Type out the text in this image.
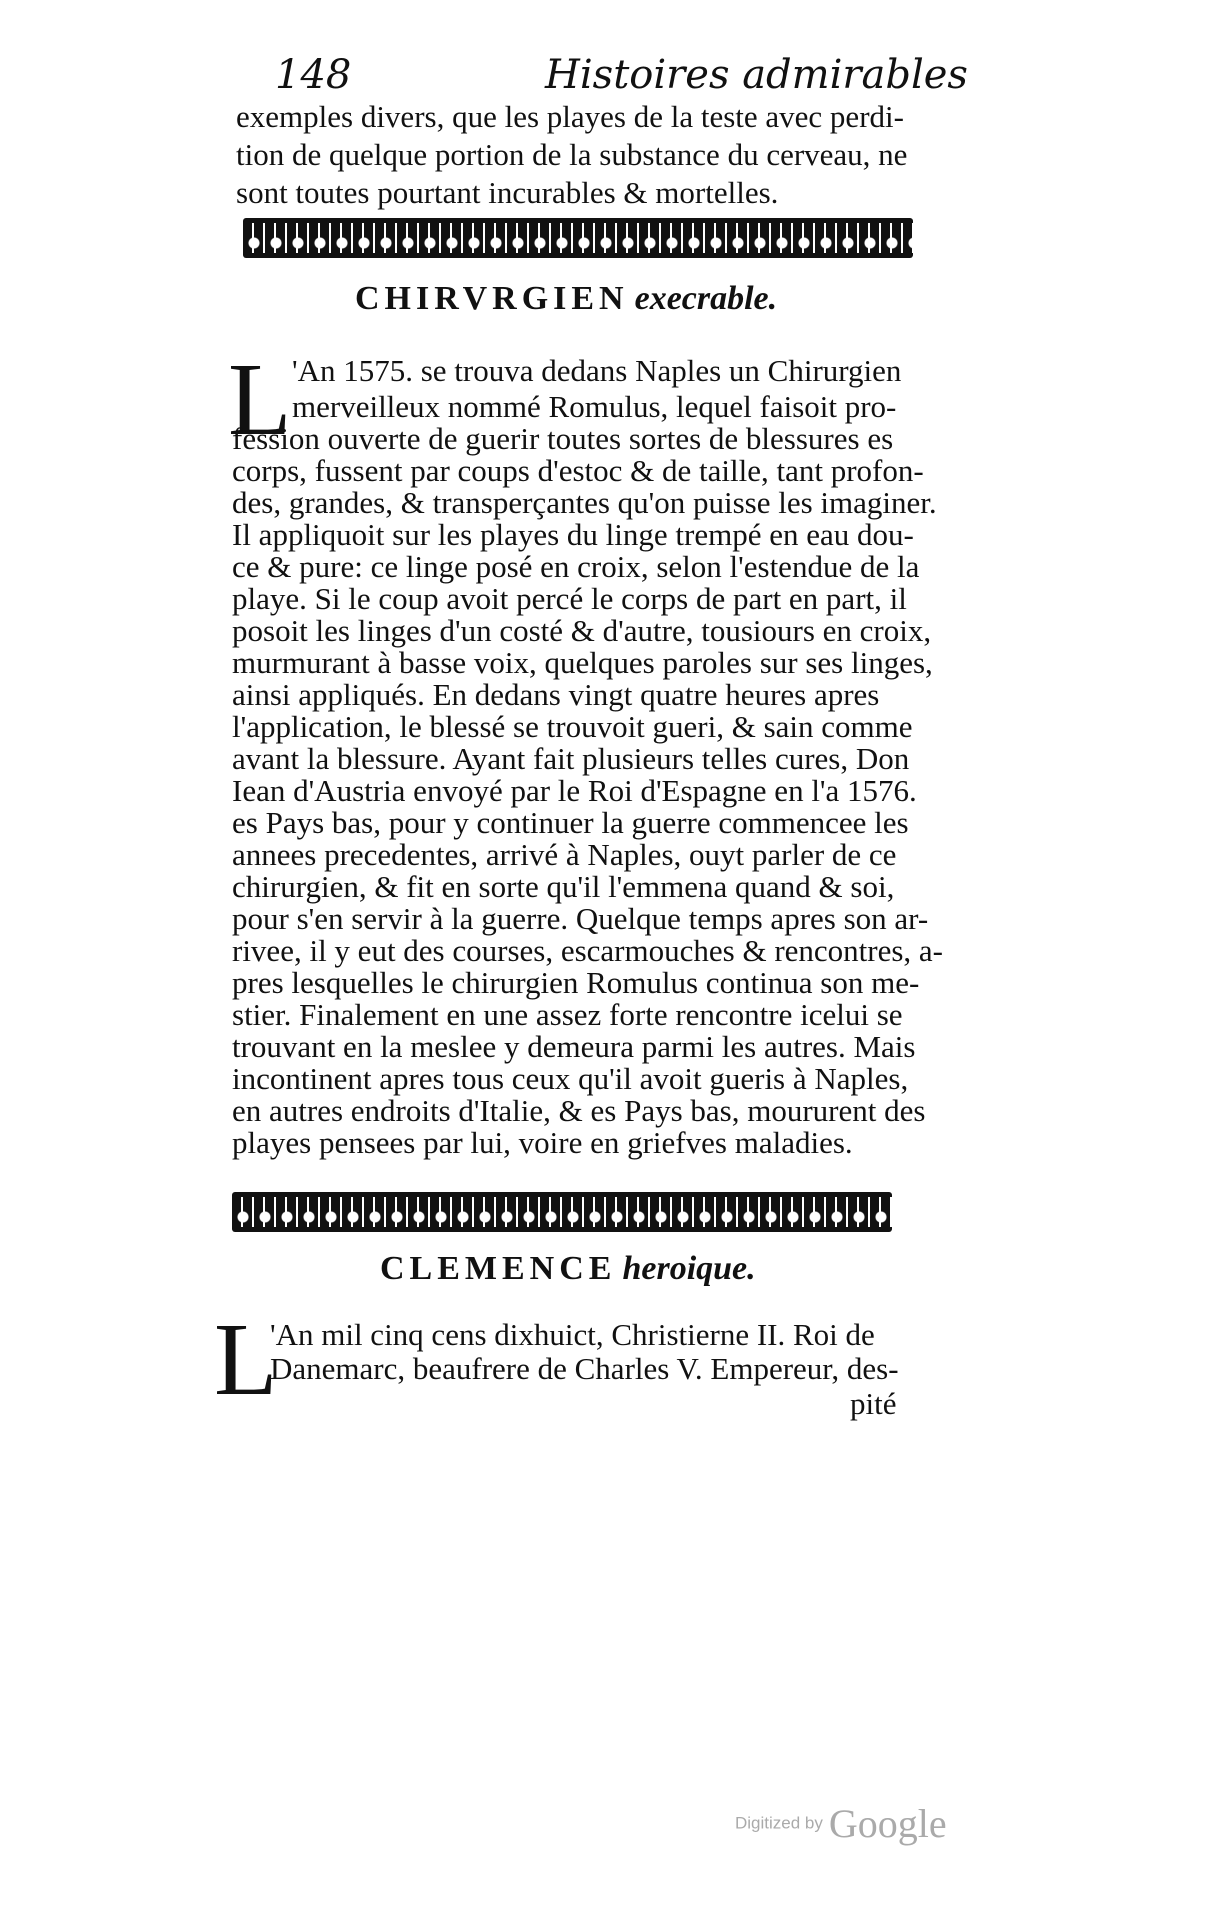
148	Histoires admirables
exemples divers, que les playes de la teste avec perdi-
tion de quelque portion de la substance du cerveau, ne
sont toutes pourtant incurables & mortelles.
CHIRVRGIEN execrable.
L 'An 1575. se trouva dedans Naples un Chirurgien
merveilleux nommé Romulus, lequel faisoit pro-
fession ouverte de guerir toutes sortes de blessures es
corps, fussent par coups d'estoc & de taille, tant profon-
des, grandes, & transperçantes qu'on puisse les imaginer.
Il appliquoit sur les playes du linge trempé en eau dou-
ce & pure: ce linge posé en croix, selon l'estendue de la
playe. Si le coup avoit percé le corps de part en part, il
posoit les linges d'un costé & d'autre, tousiours en croix,
murmurant à basse voix, quelques paroles sur ses linges,
ainsi appliqués. En dedans vingt quatre heures apres
l'application, le blessé se trouvoit gueri, & sain comme
avant la blessure. Ayant fait plusieurs telles cures, Don
Iean d'Austria envoyé par le Roi d'Espagne en l'a 1576.
es Pays bas, pour y continuer la guerre commencee les
annees precedentes, arrivé à Naples, ouyt parler de ce
chirurgien, & fit en sorte qu'il l'emmena quand & soi,
pour s'en servir à la guerre. Quelque temps apres son ar-
rivee, il y eut des courses, escarmouches & rencontres, a-
pres lesquelles le chirurgien Romulus continua son me-
stier. Finalement en une assez forte rencontre icelui se
trouvant en la meslee y demeura parmi les autres. Mais
incontinent apres tous ceux qu'il avoit gueris à Naples,
en autres endroits d'Italie, & es Pays bas, moururent des
playes pensees par lui, voire en griefves maladies.
CLEMENCE heroique.
L
'An mil cinq cens dixhuict, Christierne II. Roi de
Danemarc, beaufrere de Charles V. Empereur, des-
pité
Digitized by Google
